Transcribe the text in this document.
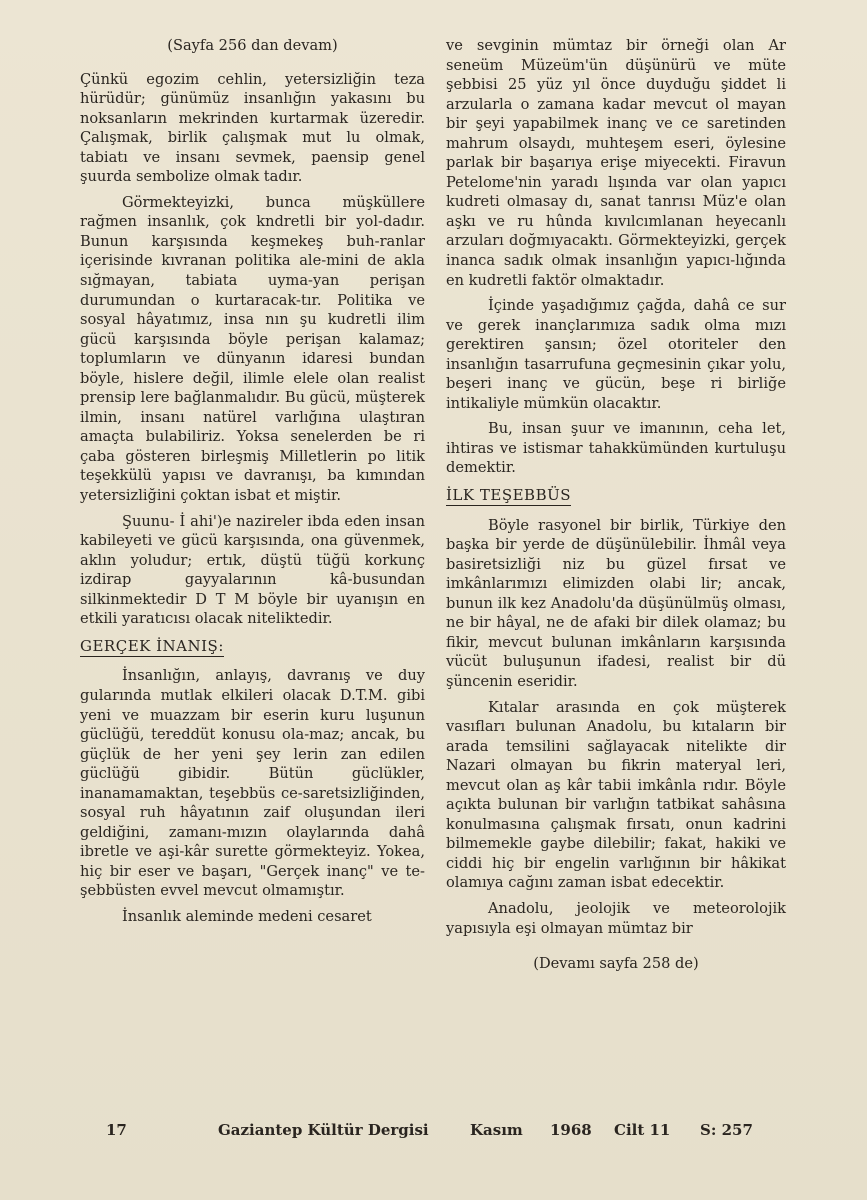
(Sayfa 256 dan devam)

Çünkü egozim cehlin, yetersizliğin teza hürüdür; günümüz insanlığın yakasını bu noksanların mekrinden kurtarmak üzeredir. Çalışmak, birlik çalışmak mut lu olmak, tabiatı ve insanı sevmek, paensip genel şuurda sembolize olmak tadır.

Görmekteyizki, bunca müşküllere rağmen insanlık, çok kndretli bir yol-dadır. Bunun karşısında keşmekeş buh-ranlar içerisinde kıvranan politika ale-mini de akla sığmayan, tabiata uyma-yan perişan durumundan o kurtaracak-tır. Politika ve sosyal hâyatımız, insa nın şu kudretli ilim gücü karşısında böyle perişan kalamaz; toplumların ve dünyanın idaresi bundan böyle, hislere değil, ilimle elele olan realist prensip lere bağlanmalıdır. Bu gücü, müşterek ilmin, insanı natürel varlığına ulaştıran amaçta bulabiliriz. Yoksa senelerden be ri çaba gösteren birleşmiş Milletlerin po litik teşekkülü yapısı ve davranışı, ba kımından yetersizliğini çoktan isbat et miştir.

Şuunu- İ ahi')e nazireler ibda eden insan kabileyeti ve gücü karşısında, ona güvenmek, aklın yoludur; ertık, düştü tüğü korkunç izdirap gayyalarının kâ-busundan silkinmektedir D T M böyle bir uyanışın en etkili yaratıcısı olacak niteliktedir.

GERÇEK İNANIŞ:

İnsanlığın, anlayış, davranış ve duy gularında mutlak elkileri olacak D.T.M. gibi yeni ve muazzam bir eserin kuru luşunun güclüğü, tereddüt konusu ola-maz; ancak, bu güçlük de her yeni şey lerin zan edilen güclüğü gibidir. Bütün güclükler, inanamamaktan, teşebbüs ce-saretsizliğinden, sosyal ruh hâyatının zaif oluşundan ileri geldiğini, zamanı-mızın olaylarında dahâ ibretle ve aşi-kâr surette görmekteyiz. Yokea, hiç bir eser ve başarı, "Gerçek inanç" ve te-şebbüsten evvel mevcut olmamıştır.

İnsanlık aleminde medeni cesaret

ve sevginin mümtaz bir örneği olan Ar seneüm Müzeüm'ün düşünürü ve müte şebbisi 25 yüz yıl önce duyduğu şiddet li arzularla o zamana kadar mevcut ol mayan bir şeyi yapabilmek inanç ve ce saretinden mahrum olsaydı, muhteşem eseri, öylesine parlak bir başarıya erişe miyecekti. Firavun Petelome'nin yaradı lışında var olan yapıcı kudreti olmasay dı, sanat tanrısı Müz'e olan aşkı ve ru hûnda kıvılcımlanan heyecanlı arzuları doğmıyacaktı. Görmekteyizki, gerçek inanca sadık olmak insanlığın yapıcı-lığında en kudretli faktör olmaktadır.

İçinde yaşadığımız çağda, dahâ ce sur ve gerek inançlarımıza sadık olma mızı gerektiren şansın; özel otoriteler den insanlığın tasarrufuna geçmesinin çıkar yolu, beşeri inanç ve gücün, beşe ri birliğe intikaliyle mümkün olacaktır.

Bu, insan şuur ve imanının, ceha let, ihtiras ve istismar tahakkümünden kurtuluşu demektir.

İLK TEŞEBBÜS

Böyle rasyonel bir birlik, Türkiye den başka bir yerde de düşünülebilir. İhmâl veya basiretsizliği niz bu güzel fırsat ve imkânlarımızı elimizden olabi lir; ancak, bunun ilk kez Anadolu'da düşünülmüş olması, ne bir hâyal, ne de afaki bir dilek olamaz; bu fikir, mevcut bulunan imkânların karşısında vücüt buluşunun ifadesi, realist bir dü şüncenin eseridir.

Kıtalar arasında en çok müşterek vasıfları bulunan Anadolu, bu kıtaların bir arada temsilini sağlayacak nitelikte dir Nazari olmayan bu fikrin materyal leri, mevcut olan aş kâr tabii imkânla rıdır. Böyle açıkta bulunan bir varlığın tatbikat sahâsına konulmasına çalışmak fırsatı, onun kadrini bilmemekle gaybe dilebilir; fakat, hakiki ve ciddi hiç bir engelin varlığının bir hâkikat olamıya cağını zaman isbat edecektir.

Anadolu, jeolojik ve meteorolojik yapısıyla eşi olmayan mümtaz bir

(Devamı sayfa 258 de)
17	Gaziantep Kültür Dergisi	Kasım 1968 Cilt 11 S: 257
